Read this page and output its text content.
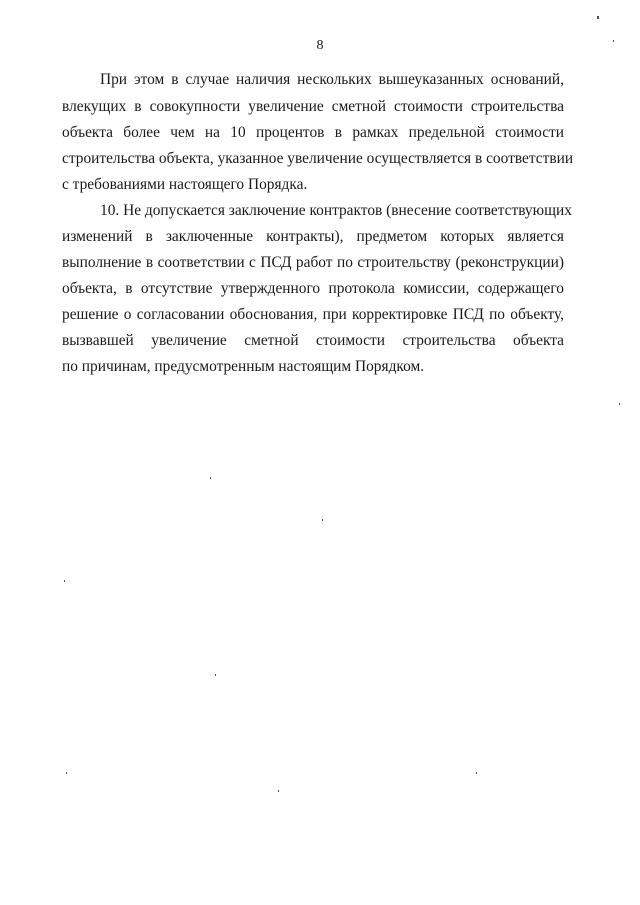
8
При этом в случае наличия нескольких вышеуказанных оснований,
влекущих в совокупности увеличение сметной стоимости строительства
объекта более чем на 10 процентов в рамках предельной стоимости
строительства объекта, указанное увеличение осуществляется в соответствии
с требованиями настоящего Порядка.
10. Не допускается заключение контрактов (внесение соответствующих
изменений в заключенные контракты), предметом которых является
выполнение в соответствии с ПСД работ по строительству (реконструкции)
объекта, в отсутствие утвержденного протокола комиссии, содержащего
решение о согласовании обоснования, при корректировке ПСД по объекту,
вызвавшей увеличение сметной стоимости строительства объекта
по причинам, предусмотренным настоящим Порядком.
